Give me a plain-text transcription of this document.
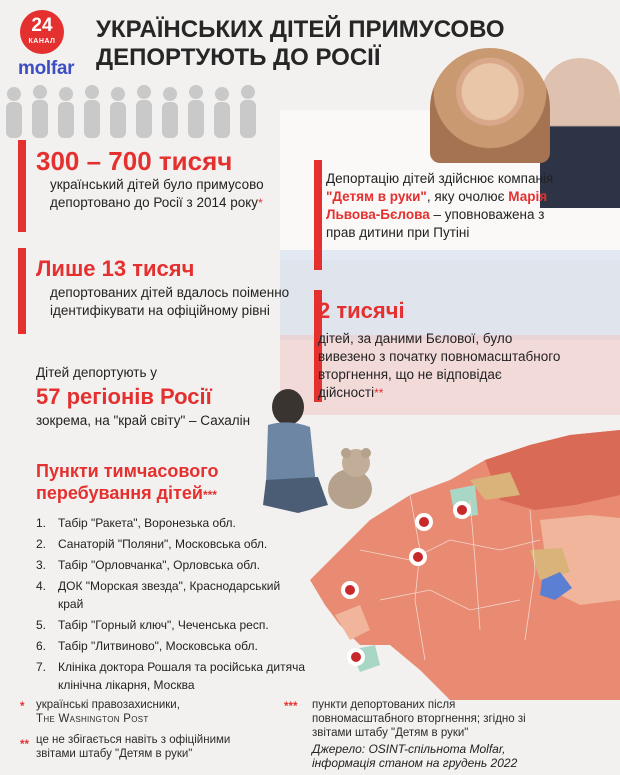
24
КАНАЛ
molfar
УКРАЇНСЬКИХ ДІТЕЙ ПРИМУСОВО
ДЕПОРТУЮТЬ ДО РОСІЇ
300 – 700 тисяч
український дітей було примусово депортовано до Росії з 2014 року*
Лише 13 тисяч
депортованих дітей вдалось поіменно ідентифікувати на офіційному рівні
Дітей депортують у
57 регіонів Росії
зокрема, на "край світу" – Сахалін
Депортацію дітей здійснює компанія "Детям в руки", яку очолює Марія Львова-Бєлова – уповноважена з прав дитини при Путіні
2 тисячі
дітей, за даними Бєлової, було вивезено з початку повномасштабного вторгнення, що не відповідає дійсності**
Пункти тимчасового перебування дітей***
1. Табір "Ракета", Воронезька обл.
2. Санаторій "Поляни", Московська обл.
3. Табір "Орловчанка", Орловська обл.
4. ДОК "Морская звезда", Краснодарський край
5. Табір "Горный ключ", Чеченська респ.
6. Табір "Литвиново", Московська обл.
7. Клініка доктора Рошаля та російська дитяча клінічна лікарня, Москва
* українські правозахисники,
The Washington Post
** це не збігається навіть з офіційними звітами штабу "Детям в руки"
*** пункти депортованих після повномасштабного вторгнення; згідно зі звітами штабу "Детям в руки"
Джерело: OSINT-спільнота Molfar,
інформація станом на грудень 2022
